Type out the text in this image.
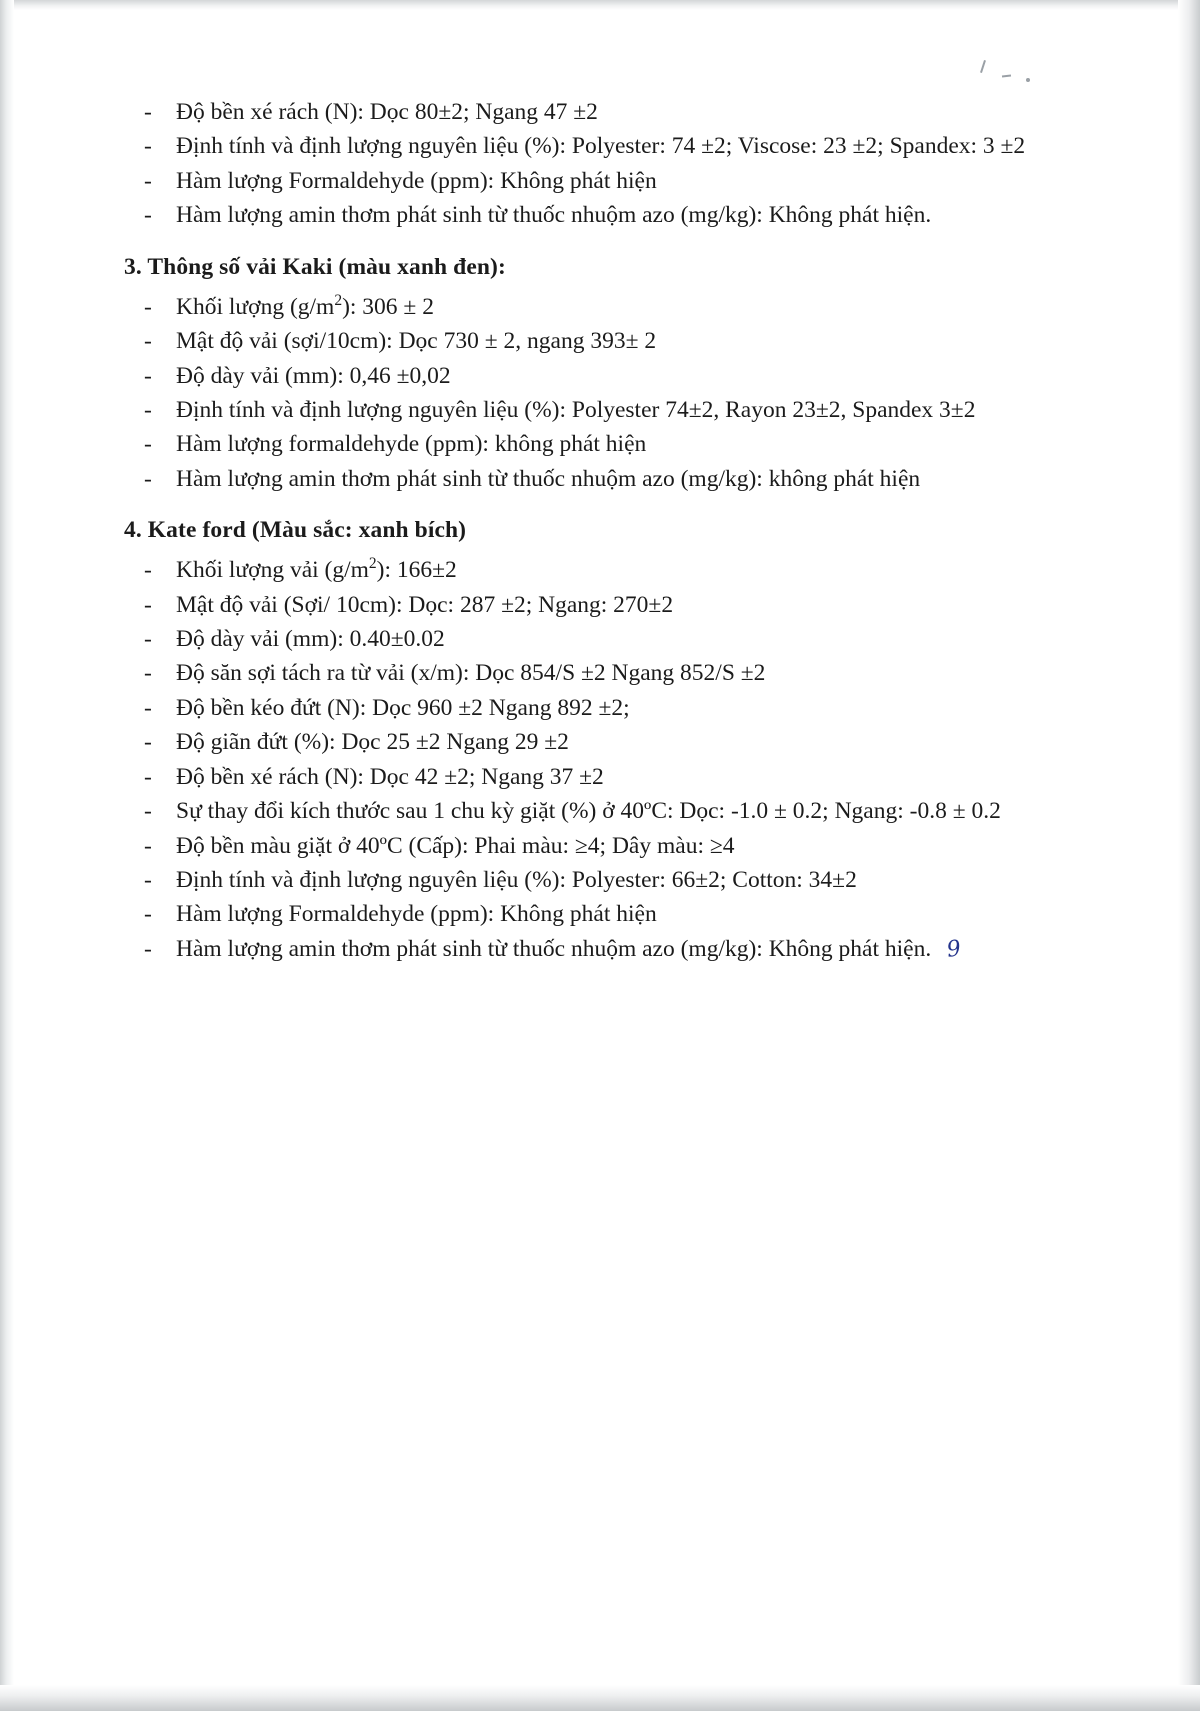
- Độ bền xé rách (N): Dọc 80±2; Ngang 47 ±2
- Định tính và định lượng nguyên liệu (%): Polyester: 74 ±2; Viscose: 23 ±2; Spandex: 3 ±2
- Hàm lượng Formaldehyde (ppm): Không phát hiện
- Hàm lượng amin thơm phát sinh từ thuốc nhuộm azo (mg/kg): Không phát hiện.
3. Thông số vải Kaki (màu xanh đen):
- Khối lượng $(g/m^2)$: 306 ± 2
- Mật độ vải (sợi/10cm): Dọc 730 ± 2, ngang 393± 2
- Độ dày vải (mm): 0,46 ±0,02
- Định tính và định lượng nguyên liệu (%): Polyester 74±2, Rayon 23±2, Spandex 3±2
- Hàm lượng formaldehyde (ppm): không phát hiện
- Hàm lượng amin thơm phát sinh từ thuốc nhuộm azo (mg/kg): không phát hiện
4. Kate ford (Màu sắc: xanh bích)
- Khối lượng vải $(g/m^2)$: 166±2
- Mật độ vải (Sợi/ 10cm): Dọc: 287 ±2; Ngang: 270±2
- Độ dày vải (mm): 0.40±0.02
- Độ săn sợi tách ra từ vải (x/m): Dọc 854/S ±2 Ngang 852/S ±2
- Độ bền kéo đứt (N): Dọc 960 ±2 Ngang 892 ±2;
- Độ giãn đứt (%): Dọc 25 ±2 Ngang 29 ±2
- Độ bền xé rách (N): Dọc 42 ±2; Ngang 37 ±2
- Sự thay đổi kích thước sau 1 chu kỳ giặt (%) ở 40ºC: Dọc: -1.0 ± 0.2; Ngang: -0.8 ± 0.2
- Độ bền màu giặt ở 40ºC (Cấp): Phai màu: ≥4; Dây màu: ≥4
- Định tính và định lượng nguyên liệu (%): Polyester: 66±2; Cotton: 34±2
- Hàm lượng Formaldehyde (ppm): Không phát hiện
- Hàm lượng amin thơm phát sinh từ thuốc nhuộm azo (mg/kg): Không phát hiện. 9
